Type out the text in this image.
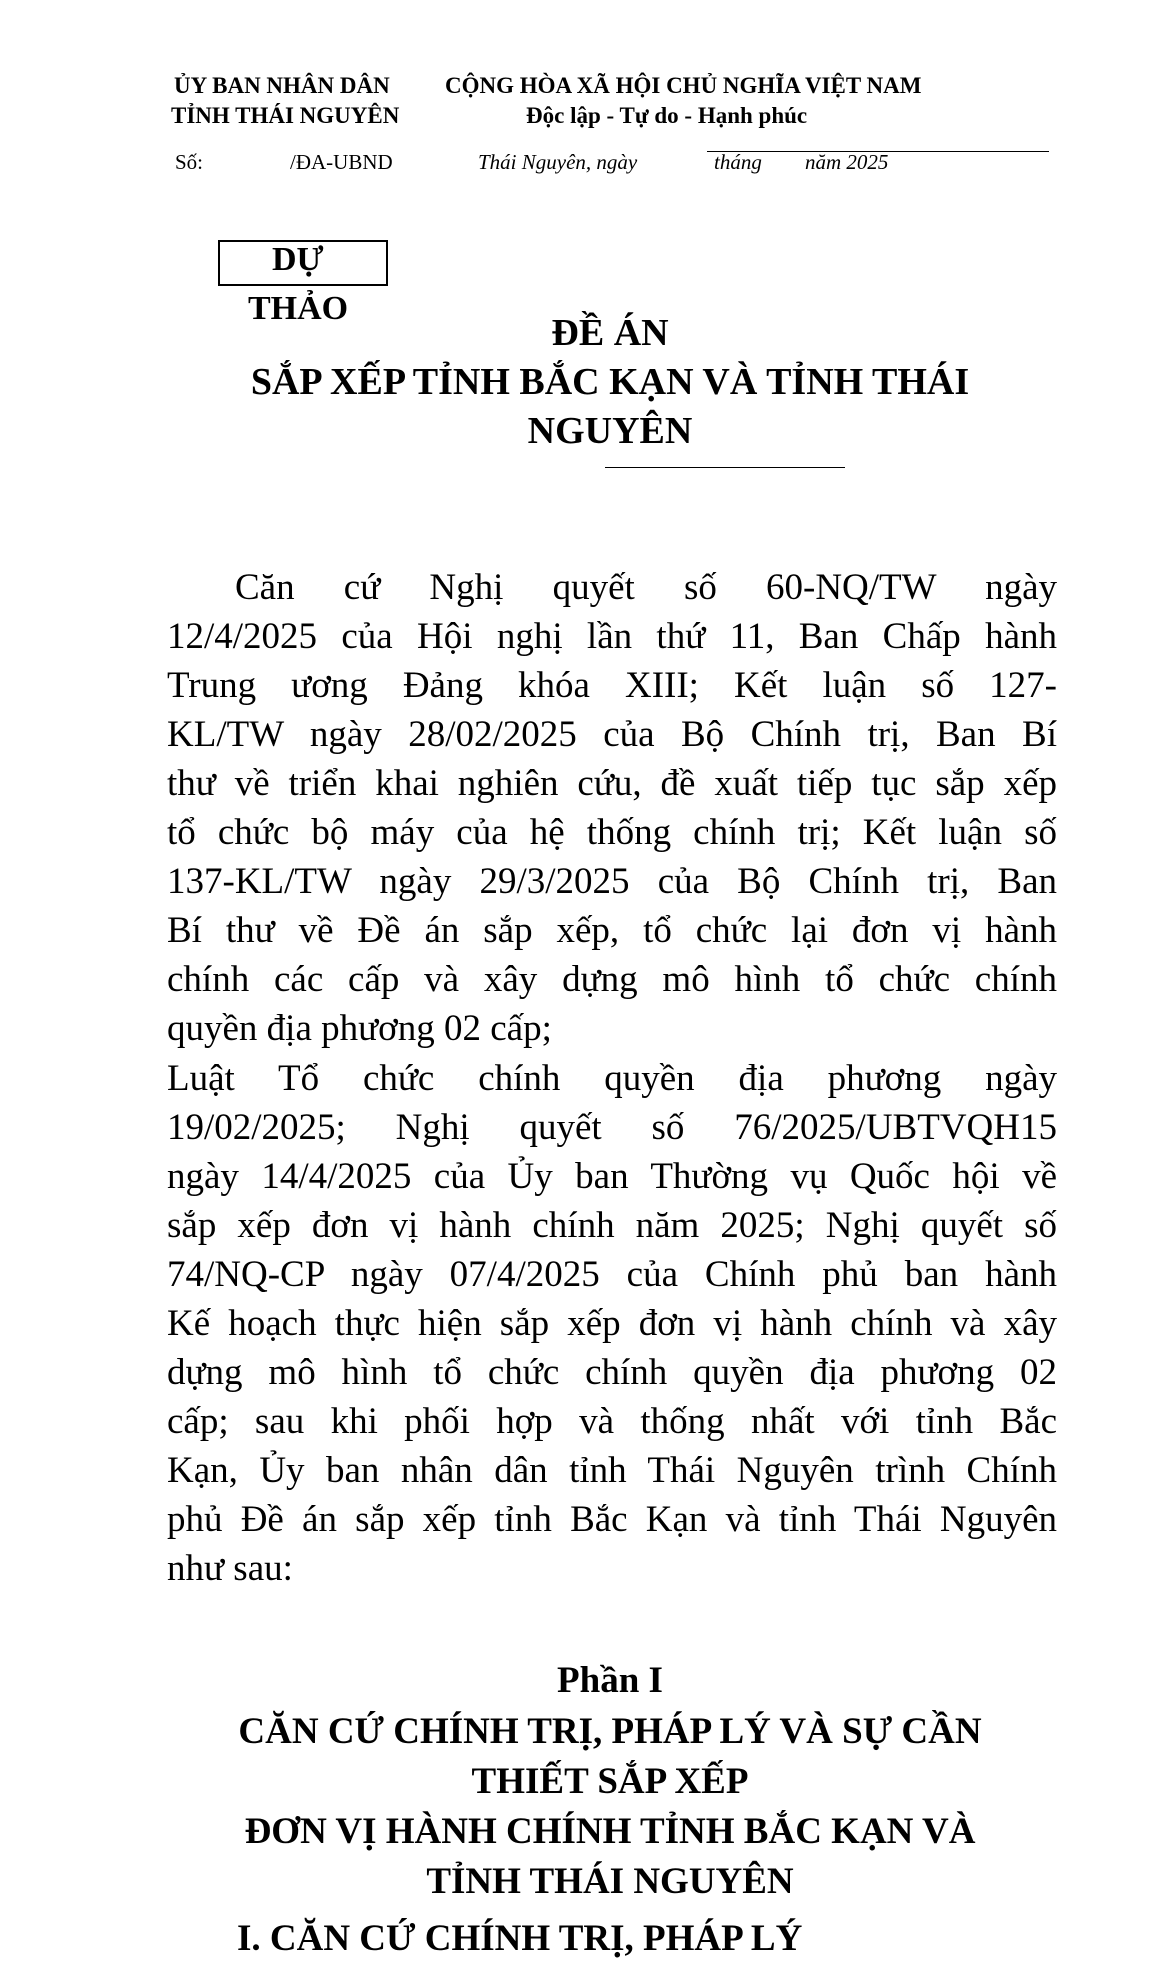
ỦY BAN NHÂN DÂN
TỈNH THÁI NGUYÊN
CỘNG HÒA XÃ HỘI CHỦ NGHĨA VIỆT NAM
Độc lập - Tự do - Hạnh phúc
Số:	/ĐA-UBND	Thái Nguyên, ngày	tháng năm 2025
DỰ
THẢO
ĐỀ ÁN
SẮP XẾP TỈNH BẮC KẠN VÀ TỈNH THÁI NGUYÊN
Căn cứ Nghị quyết số 60-NQ/TW ngày
12/4/2025 của Hội nghị lần thứ 11, Ban Chấp hành
Trung ương Đảng khóa XIII; Kết luận số 127-
KL/TW ngày 28/02/2025 của Bộ Chính trị, Ban Bí
thư về triển khai nghiên cứu, đề xuất tiếp tục sắp xếp
tổ chức bộ máy của hệ thống chính trị; Kết luận số
137-KL/TW ngày 29/3/2025 của Bộ Chính trị, Ban
Bí thư về Đề án sắp xếp, tổ chức lại đơn vị hành
chính các cấp và xây dựng mô hình tổ chức chính
quyền địa phương 02 cấp;
Luật Tổ chức chính quyền địa phương ngày
19/02/2025; Nghị quyết số 76/2025/UBTVQH15
ngày 14/4/2025 của Ủy ban Thường vụ Quốc hội về
sắp xếp đơn vị hành chính năm 2025; Nghị quyết số
74/NQ-CP ngày 07/4/2025 của Chính phủ ban hành
Kế hoạch thực hiện sắp xếp đơn vị hành chính và xây
dựng mô hình tổ chức chính quyền địa phương 02
cấp; sau khi phối hợp và thống nhất với tỉnh Bắc
Kạn, Ủy ban nhân dân tỉnh Thái Nguyên trình Chính
phủ Đề án sắp xếp tỉnh Bắc Kạn và tỉnh Thái Nguyên
như sau:
Phần I
CĂN CỨ CHÍNH TRỊ, PHÁP LÝ VÀ SỰ CẦN
THIẾT SẮP XẾP
ĐƠN VỊ HÀNH CHÍNH TỈNH BẮC KẠN VÀ
TỈNH THÁI NGUYÊN
I. CĂN CỨ CHÍNH TRỊ, PHÁP LÝ
